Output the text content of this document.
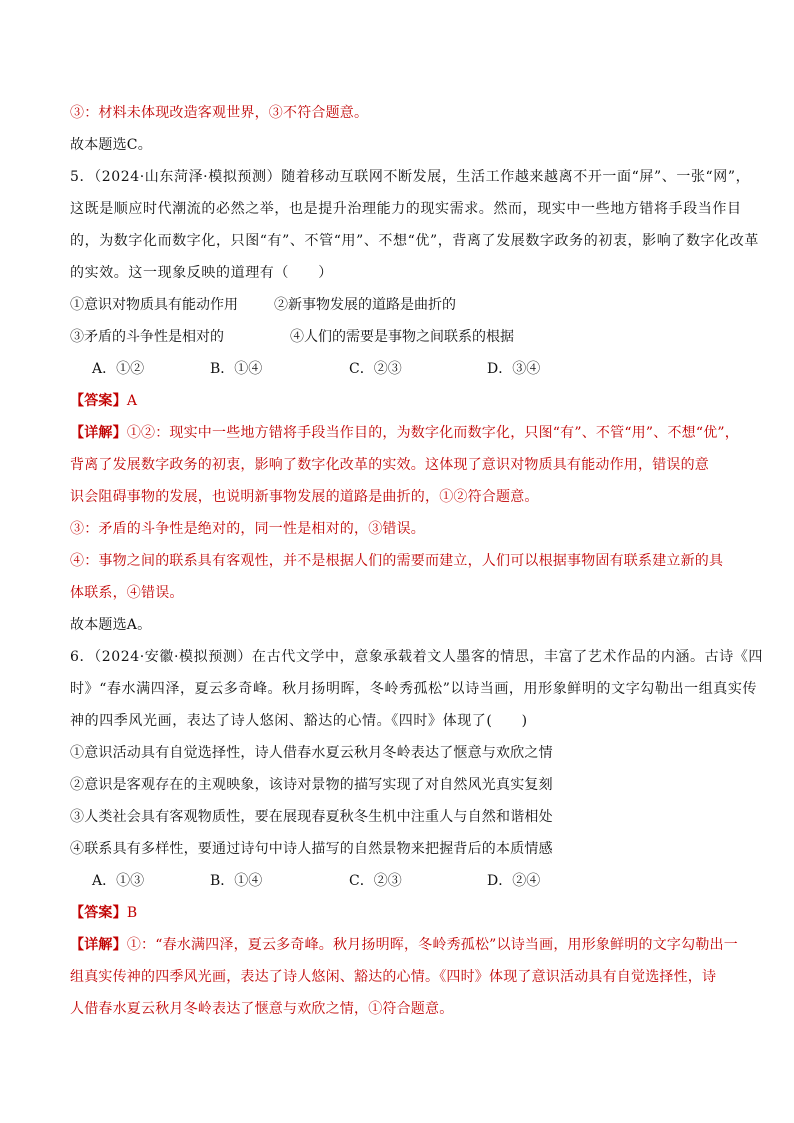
③：材料未体现改造客观世界，③不符合题意。
故本题选C。
5．（2024·山东菏泽·模拟预测）随着移动互联网不断发展，生活工作越来越离不开一面“屏”、一张“网”，
这既是顺应时代潮流的必然之举，也是提升治理能力的现实需求。然而，现实中一些地方错将手段当作目
的，为数字化而数字化，只图“有”、不管“用”、不想“优”，背离了发展数字政务的初衷，影响了数字化改革
的实效。这一现象反映的道理有（　　）
①意识对物质具有能动作用	②新事物发展的道路是曲折的
③矛盾的斗争性是相对的	④人们的需要是事物之间联系的根据
A．①②	B．①④	C．②③	D．③④
【答案】A
【详解】①②：现实中一些地方错将手段当作目的，为数字化而数字化，只图“有”、不管“用”、不想“优”，
背离了发展数字政务的初衷，影响了数字化改革的实效。这体现了意识对物质具有能动作用，错误的意
识会阻碍事物的发展，也说明新事物发展的道路是曲折的，①②符合题意。
③：矛盾的斗争性是绝对的，同一性是相对的，③错误。
④：事物之间的联系具有客观性，并不是根据人们的需要而建立，人们可以根据事物固有联系建立新的具
体联系，④错误。
故本题选A。
6．（2024·安徽·模拟预测）在古代文学中，意象承载着文人墨客的情思，丰富了艺术作品的内涵。古诗《四
时》“春水满四泽，夏云多奇峰。秋月扬明晖，冬岭秀孤松”以诗当画，用形象鲜明的文字勾勒出一组真实传
神的四季风光画，表达了诗人悠闲、豁达的心情。《四时》体现了(　　)
①意识活动具有自觉选择性，诗人借春水夏云秋月冬岭表达了惬意与欢欣之情
②意识是客观存在的主观映象，该诗对景物的描写实现了对自然风光真实复刻
③人类社会具有客观物质性，要在展现春夏秋冬生机中注重人与自然和谐相处
④联系具有多样性，要通过诗句中诗人描写的自然景物来把握背后的本质情感
A．①③	B．①④	C．②③	D．②④
【答案】B
【详解】①：“春水满四泽，夏云多奇峰。秋月扬明晖，冬岭秀孤松”以诗当画，用形象鲜明的文字勾勒出一
组真实传神的四季风光画，表达了诗人悠闲、豁达的心情。《四时》体现了意识活动具有自觉选择性，诗
人借春水夏云秋月冬岭表达了惬意与欢欣之情，①符合题意。
